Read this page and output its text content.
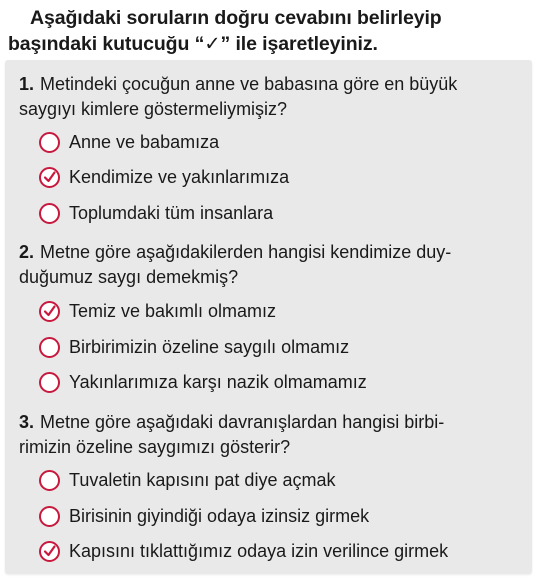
Aşağıdaki soruların doğru cevabını belirleyip başındaki kutucuğu “✓” ile işaretleyiniz.
1. Metindeki çocuğun anne ve babasına göre en büyük
saygıyı kimlere göstermeliymişiz?
Anne ve babamıza
Kendimize ve yakınlarımıza
Toplumdaki tüm insanlara
2. Metne göre aşağıdakilerden hangisi kendimize duy-
duğumuz saygı demekmiş?
Temiz ve bakımlı olmamız
Birbirimizin özeline saygılı olmamız
Yakınlarımıza karşı nazik olmamamız
3. Metne göre aşağıdaki davranışlardan hangisi birbi-
rimizin özeline saygımızı gösterir?
Tuvaletin kapısını pat diye açmak
Birisinin giyindiği odaya izinsiz girmek
Kapısını tıklattığımız odaya izin verilince girmek
